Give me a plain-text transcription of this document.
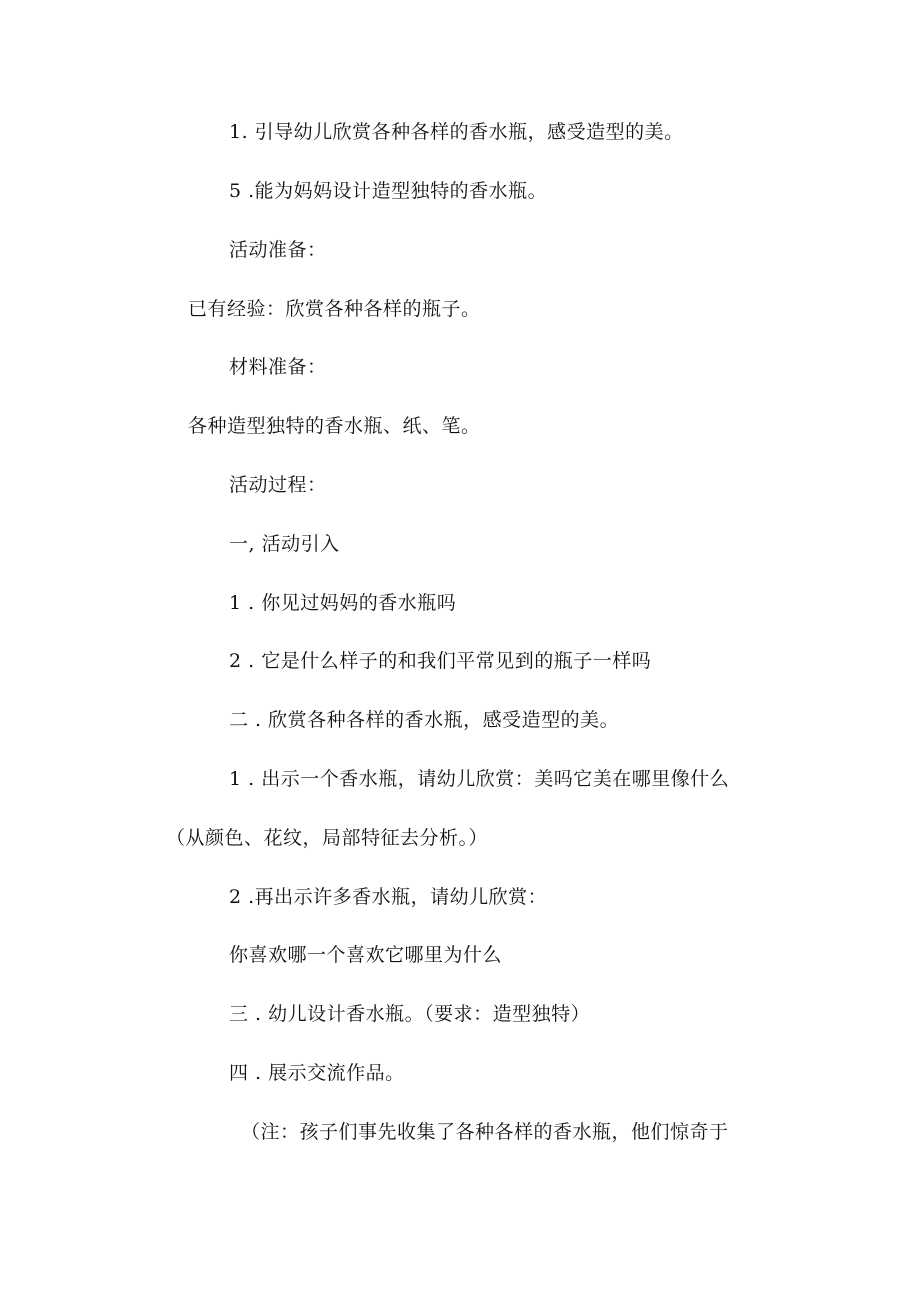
1. 引导幼儿欣赏各种各样的香水瓶，感受造型的美。
5 .能为妈妈设计造型独特的香水瓶。
活动准备：
已有经验：欣赏各种各样的瓶子。
材料准备：
各种造型独特的香水瓶、纸、笔。
活动过程：
一, 活动引入
1 . 你见过妈妈的香水瓶吗
2 . 它是什么样子的和我们平常见到的瓶子一样吗
二 . 欣赏各种各样的香水瓶，感受造型的美。
1 . 出示一个香水瓶，请幼儿欣赏：美吗它美在哪里像什么
（从颜色、花纹，局部特征去分析。）
2 .再出示许多香水瓶，请幼儿欣赏：
你喜欢哪一个喜欢它哪里为什么
三 . 幼儿设计香水瓶。（要求：造型独特）
四 . 展示交流作品。
（注：孩子们事先收集了各种各样的香水瓶，他们惊奇于
